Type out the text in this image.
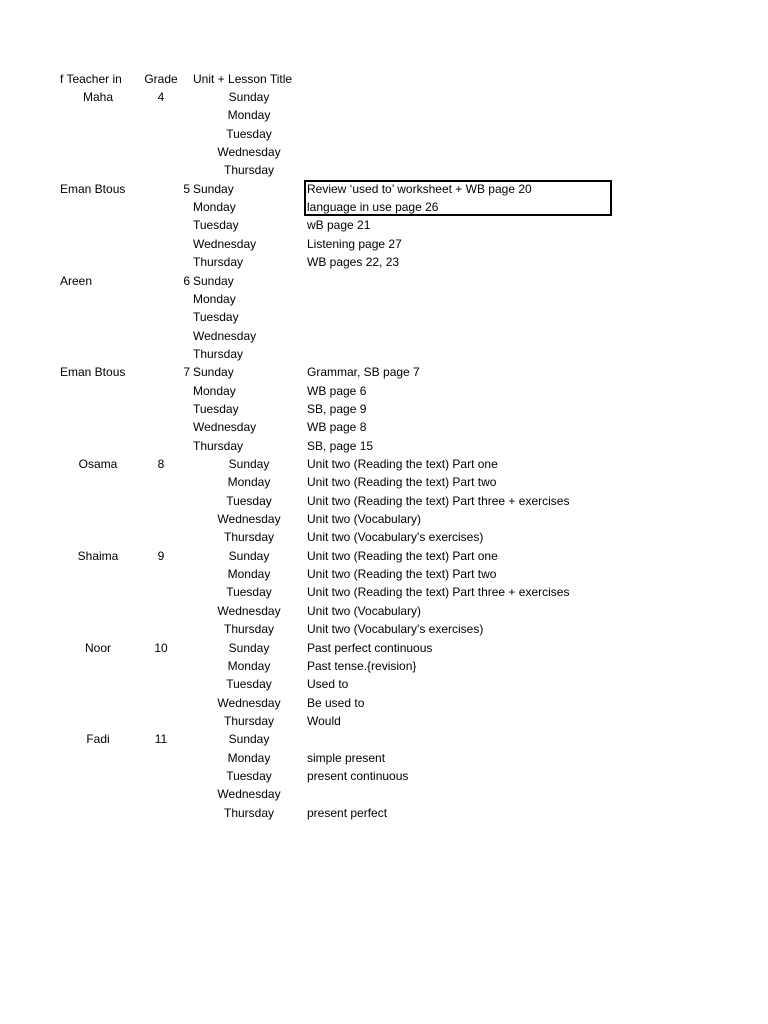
f Teacher in	Grade	Unit + Lesson Title
Maha	4	Sunday
Monday
Tuesday
Wednesday
Thursday
Eman Btous	5 Sunday	Review ‘used to’ worksheet + WB page 20
Monday	language in use page 26
Tuesday	wB page 21
Wednesday	Listening page 27
Thursday	WB pages 22, 23
Areen	6 Sunday
Monday
Tuesday
Wednesday
Thursday
Eman Btous	7 Sunday	Grammar, SB page 7
Monday	WB page 6
Tuesday	SB, page 9
Wednesday	WB page 8
Thursday	SB, page 15
Osama	8	Sunday	Unit two (Reading the text) Part one
Monday	Unit two (Reading the text) Part two
Tuesday	Unit two (Reading the text) Part three + exercises
Wednesday	Unit two (Vocabulary)
Thursday	Unit two (Vocabulary's exercises)
Shaima	9	Sunday	Unit two (Reading the text) Part one
Monday	Unit two (Reading the text) Part two
Tuesday	Unit two (Reading the text) Part three + exercises
Wednesday	Unit two (Vocabulary)
Thursday	Unit two (Vocabulary's exercises)
Noor	10	Sunday	Past perfect continuous
Monday	Past tense.{revision}
Tuesday	Used to
Wednesday	Be used to
Thursday	Would
Fadi	11	Sunday
Monday	simple present
Tuesday	present continuous
Wednesday
Thursday	present perfect
